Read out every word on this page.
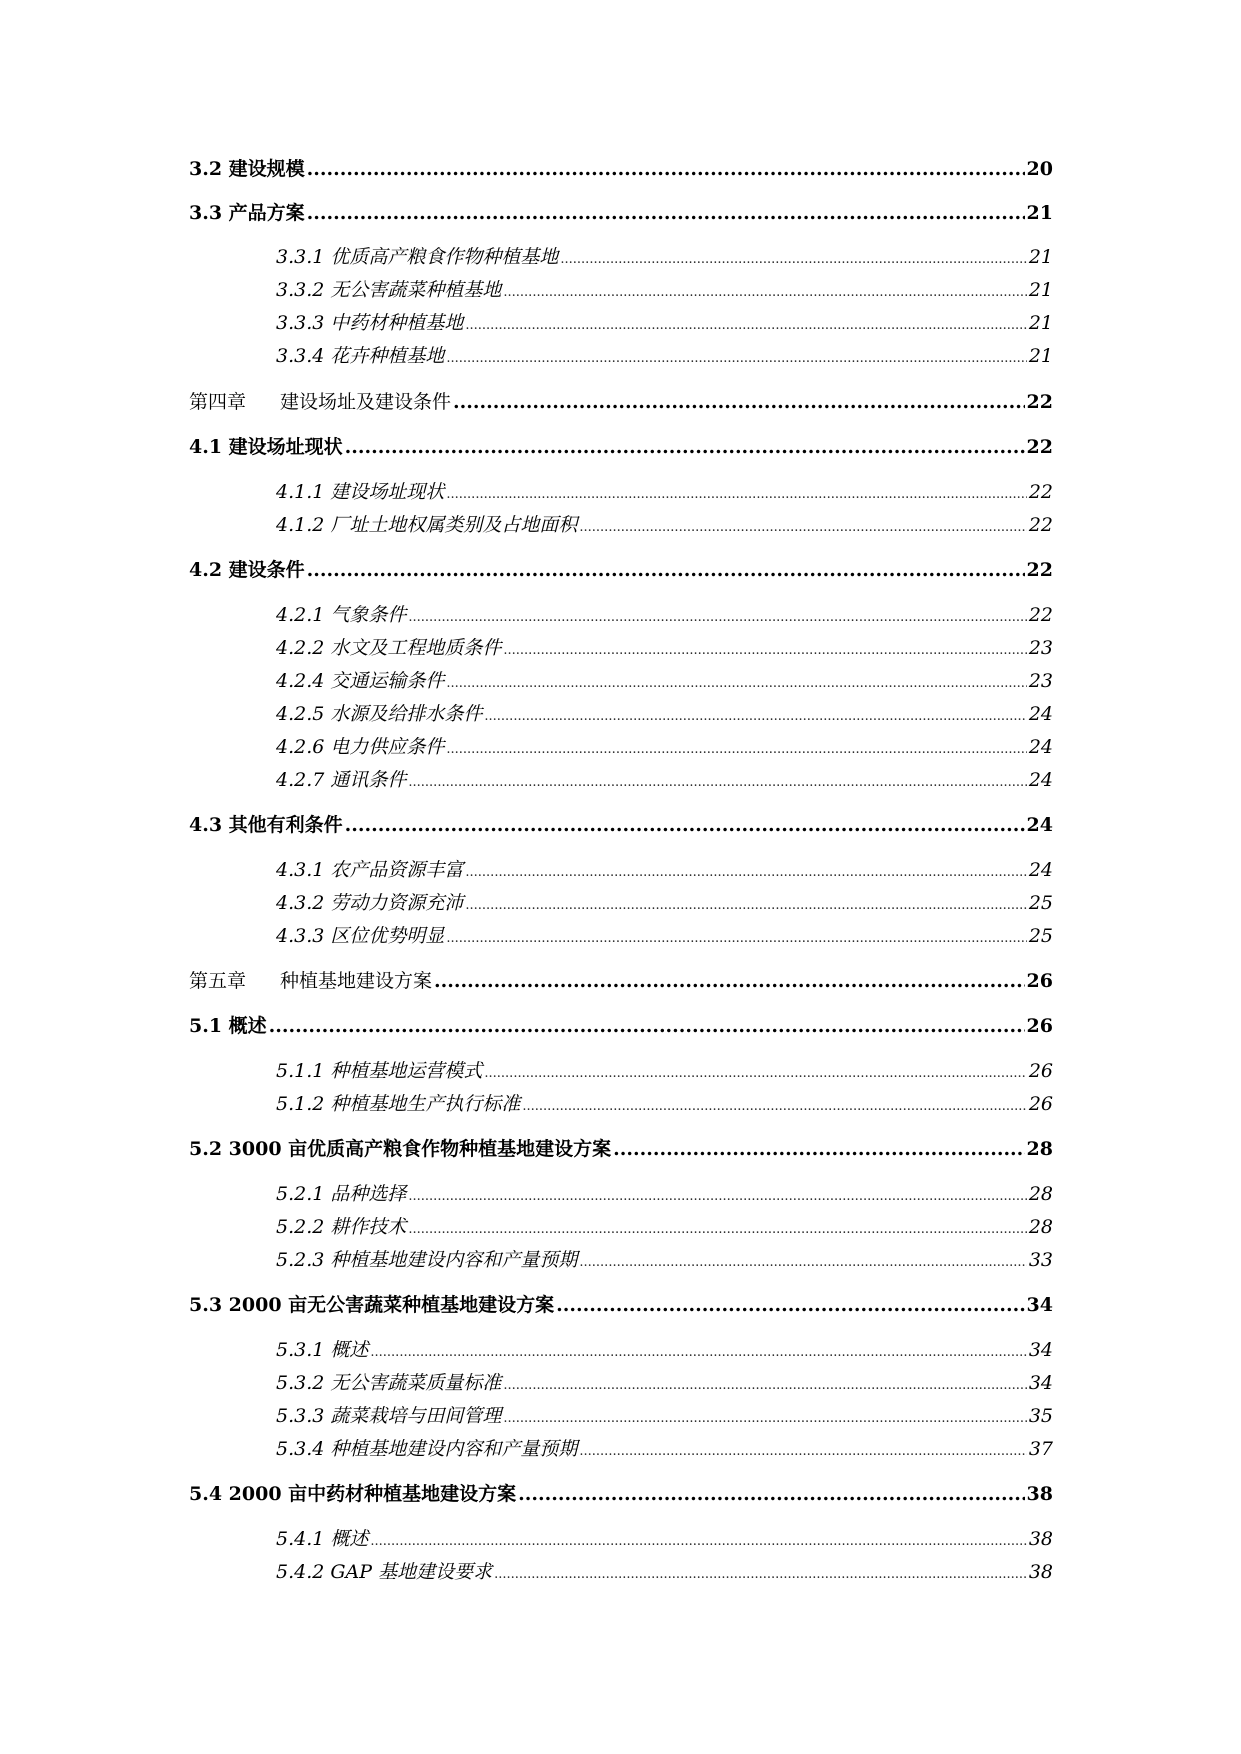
3.2 建设规模 .....	20
3.3 产品方案 .....	21
3.3.1 优质高产粮食作物种植基地 .....	21
3.3.2 无公害蔬菜种植基地 .....	21
3.3.3 中药材种植基地 .....	21
3.3.4 花卉种植基地 .....	21
第四章 建设场址及建设条件 .....	22
4.1 建设场址现状 .....	22
4.1.1 建设场址现状 .....	22
4.1.2 厂址土地权属类别及占地面积 .....	22
4.2 建设条件 .....	22
4.2.1 气象条件 .....	22
4.2.2 水文及工程地质条件 .....	23
4.2.4 交通运输条件 .....	23
4.2.5 水源及给排水条件 .....	24
4.2.6 电力供应条件 .....	24
4.2.7 通讯条件 .....	24
4.3 其他有利条件 .....	24
4.3.1 农产品资源丰富 .....	24
4.3.2 劳动力资源充沛 .....	25
4.3.3 区位优势明显 .....	25
第五章 种植基地建设方案 .....	26
5.1 概述 .....	26
5.1.1 种植基地运营模式 .....	26
5.1.2 种植基地生产执行标准 .....	26
5.2 3000 亩优质高产粮食作物种植基地建设方案 .....	28
5.2.1 品种选择 .....	28
5.2.2 耕作技术 .....	28
5.2.3 种植基地建设内容和产量预期 .....	33
5.3 2000 亩无公害蔬菜种植基地建设方案 .....	34
5.3.1 概述 .....	34
5.3.2 无公害蔬菜质量标准 .....	34
5.3.3 蔬菜栽培与田间管理 .....	35
5.3.4 种植基地建设内容和产量预期 .....	37
5.4 2000 亩中药材种植基地建设方案 .....	38
5.4.1 概述 .....	38
5.4.2 GAP 基地建设要求 .....	38
